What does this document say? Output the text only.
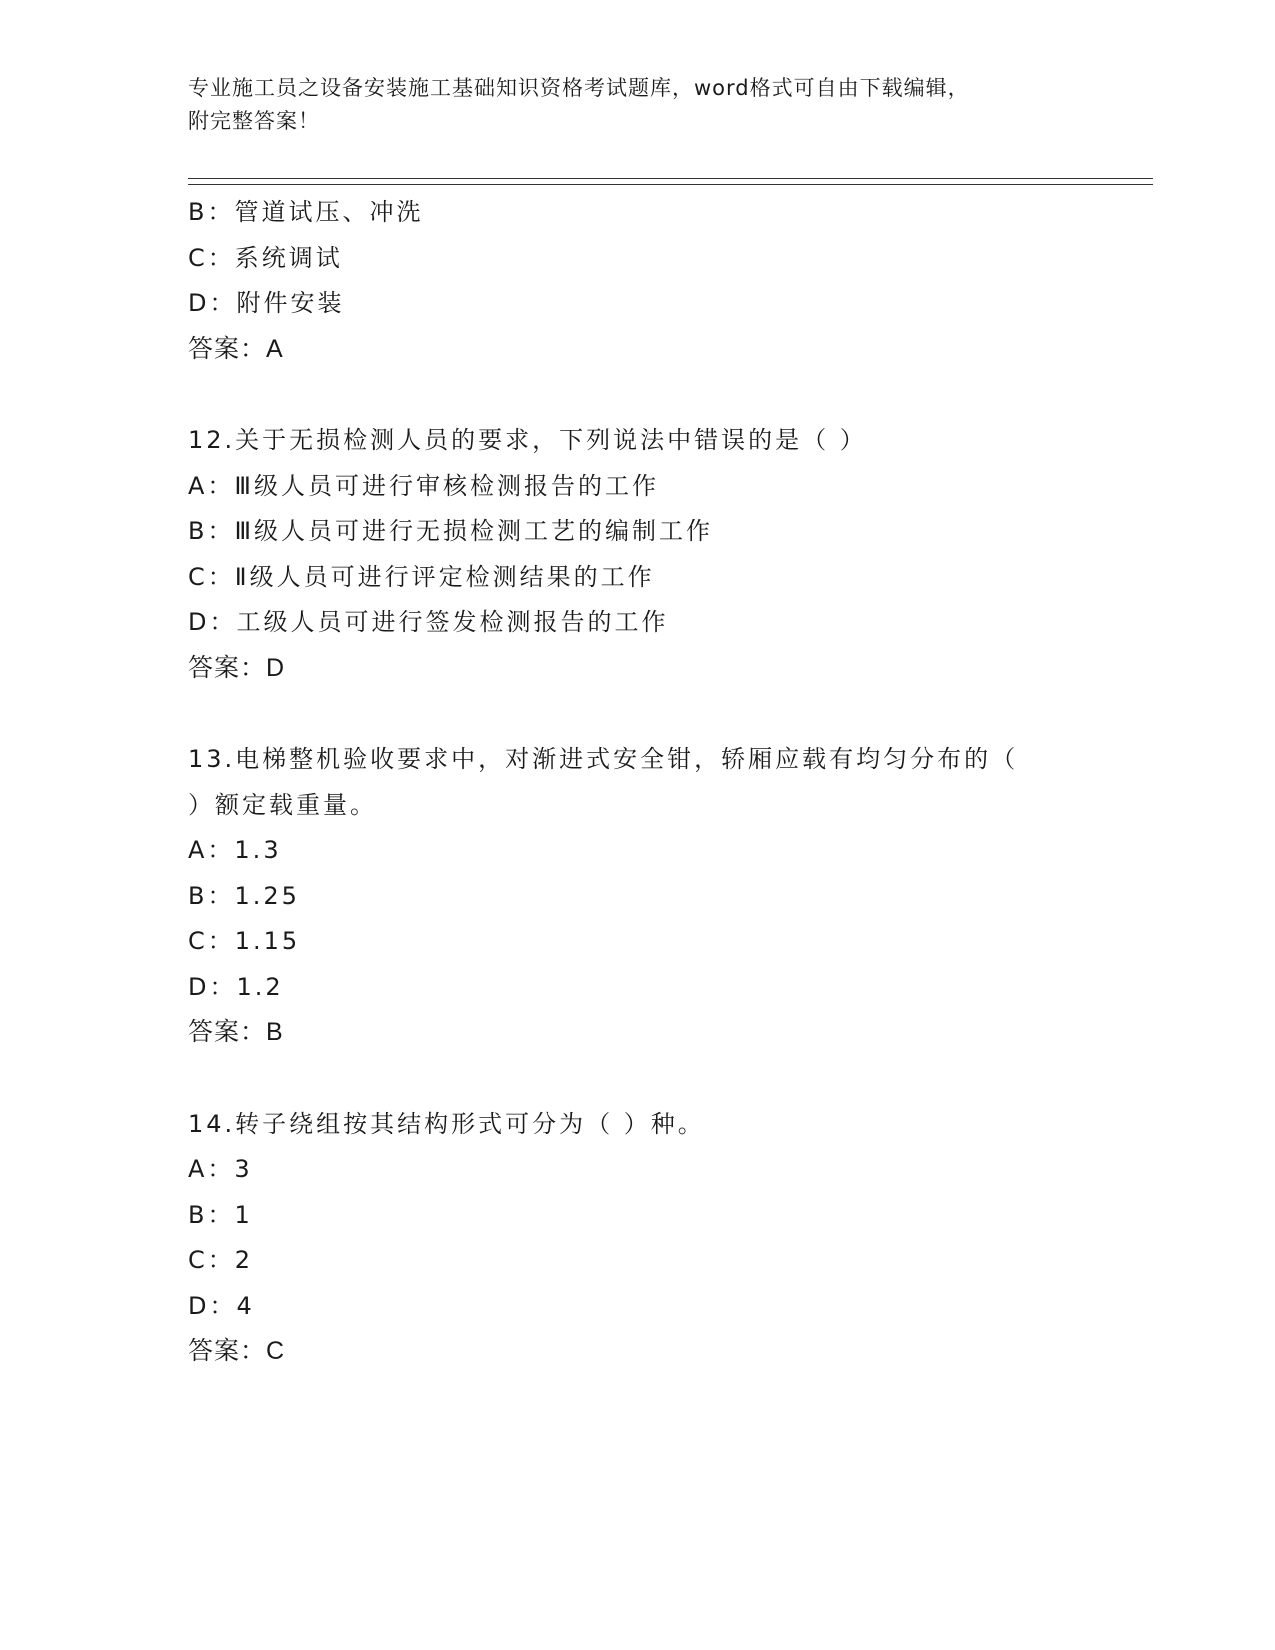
专业施工员之设备安装施工基础知识资格考试题库，word格式可自由下载编辑，
附完整答案！
B：管道试压、冲洗
C：系统调试
D：附件安装
答案：A
12.关于无损检测人员的要求，下列说法中错误的是（ ）
A：Ⅲ级人员可进行审核检测报告的工作
B：Ⅲ级人员可进行无损检测工艺的编制工作
C：Ⅱ级人员可进行评定检测结果的工作
D：工级人员可进行签发检测报告的工作
答案：D
13.电梯整机验收要求中，对渐进式安全钳，轿厢应载有均匀分布的（
）额定载重量。
A：1.3
B：1.25
C：1.15
D：1.2
答案：B
14.转子绕组按其结构形式可分为（ ）种。
A：3
B：1
C：2
D：4
答案：C
